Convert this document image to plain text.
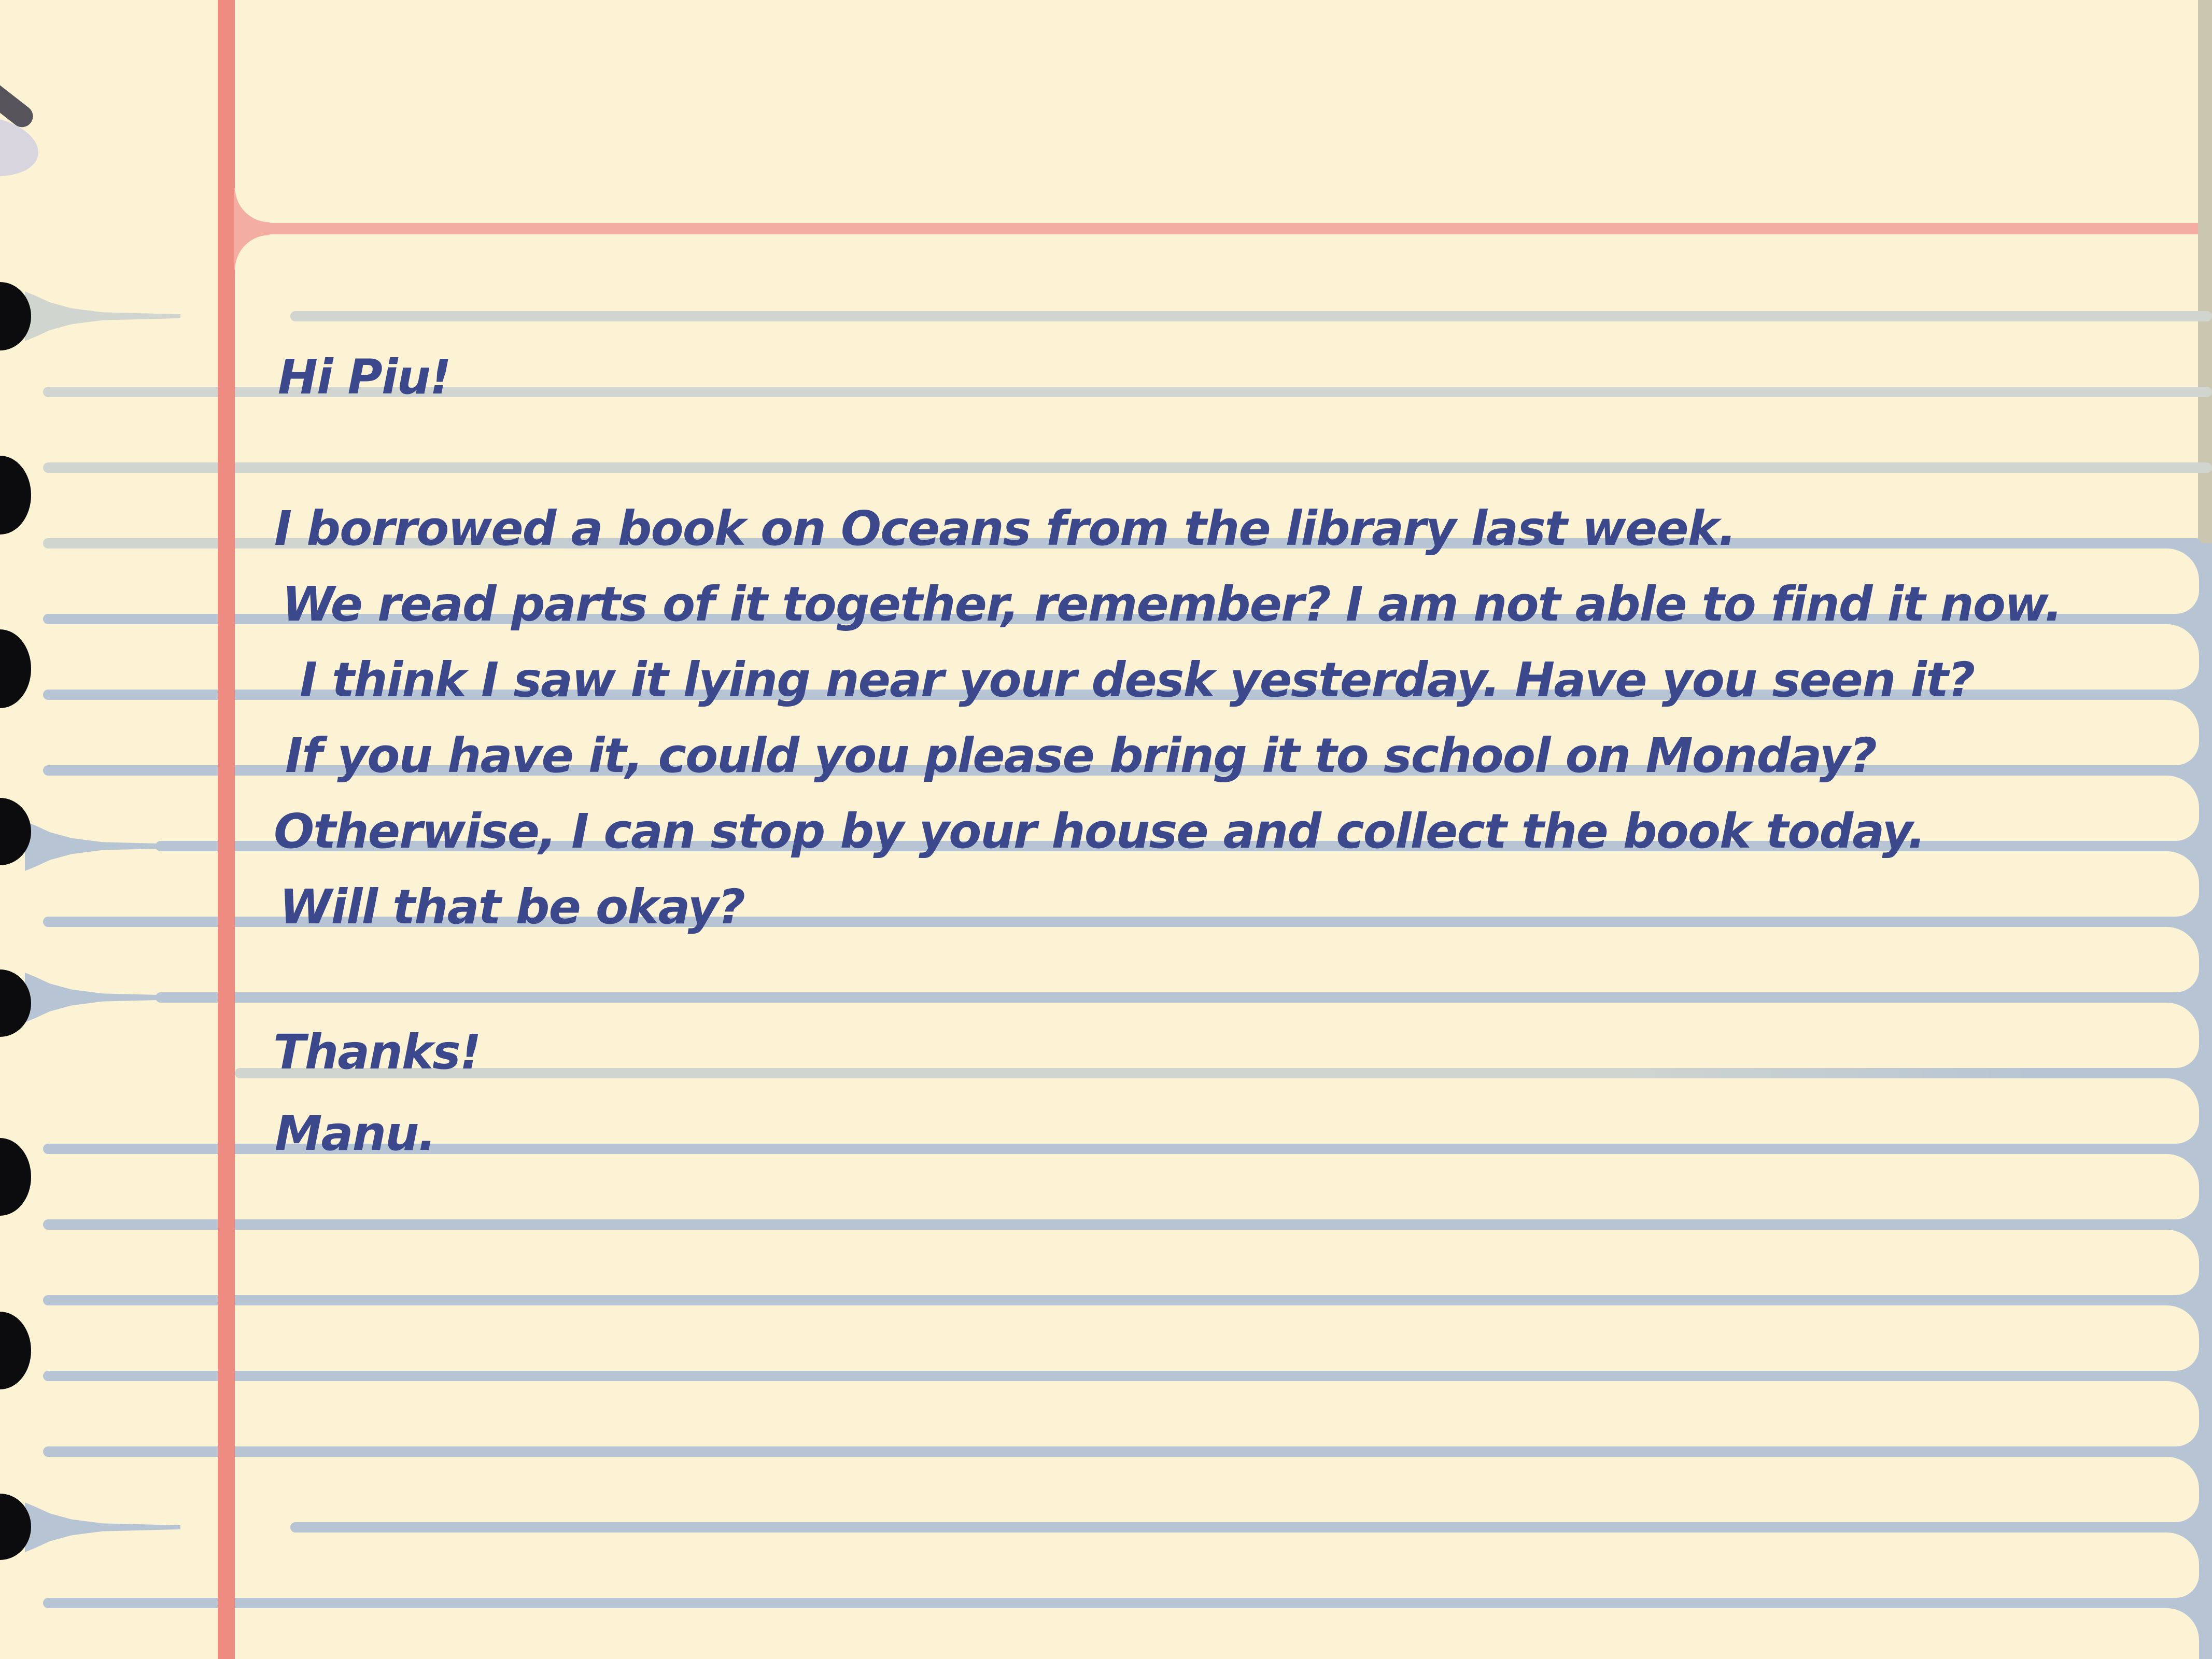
Hi Piu!
I borrowed a book on Oceans from the library last week.
We read parts of it together, remember? I am not able to find it now.
I think I saw it lying near your desk yesterday. Have you seen it?
If you have it, could you please bring it to school on Monday?
Otherwise, I can stop by your house and collect the book today.
Will that be okay?
Thanks!
Manu.
